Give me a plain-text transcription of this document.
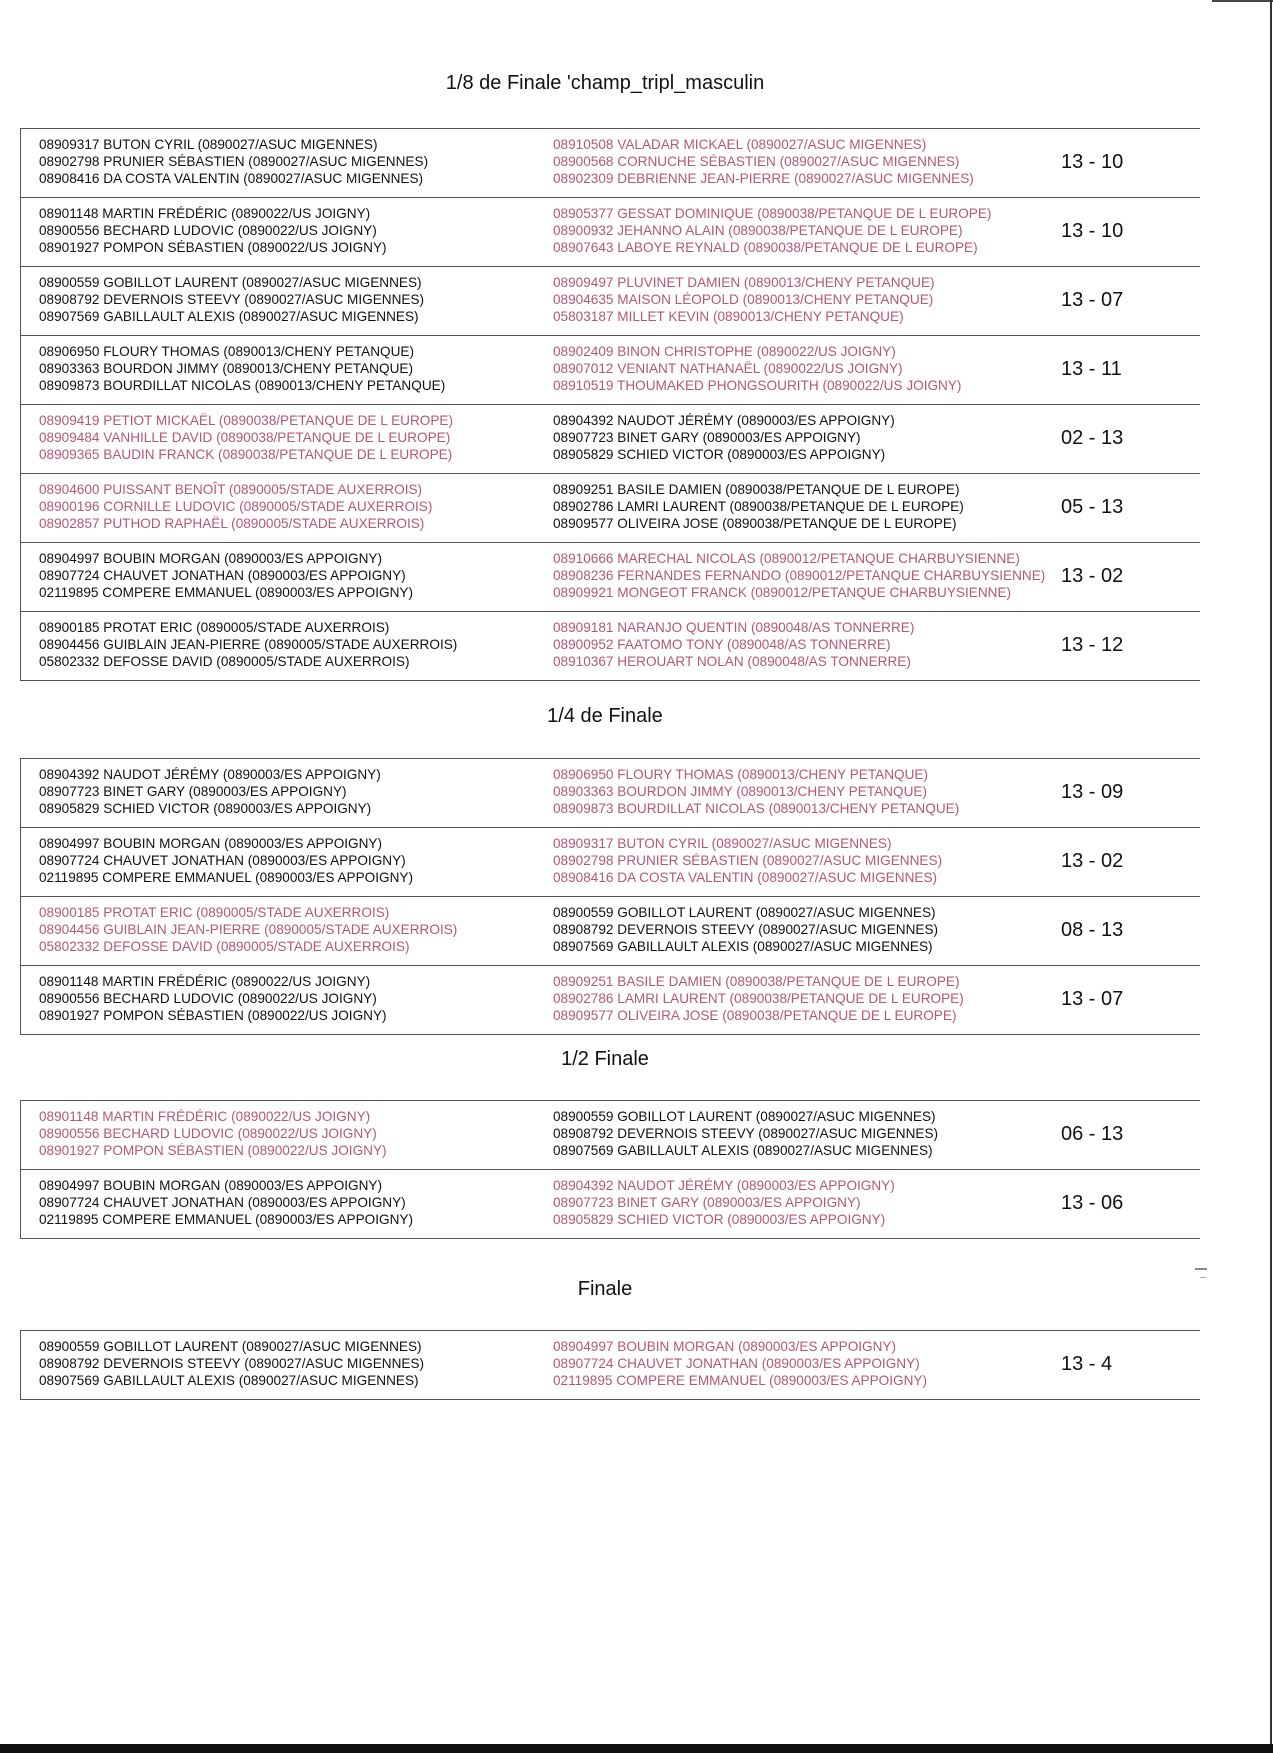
1/8 de Finale 'champ_tripl_masculin
08909317 BUTON CYRIL (0890027/ASUC MIGENNES)
08902798 PRUNIER SÉBASTIEN (0890027/ASUC MIGENNES)
08908416 DA COSTA VALENTIN (0890027/ASUC MIGENNES)
08910508 VALADAR MICKAEL (0890027/ASUC MIGENNES)
08900568 CORNUCHE SÉBASTIEN (0890027/ASUC MIGENNES)
08902309 DEBRIENNE JEAN-PIERRE (0890027/ASUC MIGENNES)
13 - 10
08901148 MARTIN FRÉDÉRIC (0890022/US JOIGNY)
08900556 BECHARD LUDOVIC (0890022/US JOIGNY)
08901927 POMPON SÉBASTIEN (0890022/US JOIGNY)
08905377 GESSAT DOMINIQUE (0890038/PETANQUE DE L EUROPE)
08900932 JEHANNO ALAIN (0890038/PETANQUE DE L EUROPE)
08907643 LABOYE REYNALD (0890038/PETANQUE DE L EUROPE)
13 - 10
08900559 GOBILLOT LAURENT (0890027/ASUC MIGENNES)
08908792 DEVERNOIS STEEVY (0890027/ASUC MIGENNES)
08907569 GABILLAULT ALEXIS (0890027/ASUC MIGENNES)
08909497 PLUVINET DAMIEN (0890013/CHENY PETANQUE)
08904635 MAISON LÉOPOLD (0890013/CHENY PETANQUE)
05803187 MILLET KEVIN (0890013/CHENY PETANQUE)
13 - 07
08906950 FLOURY THOMAS (0890013/CHENY PETANQUE)
08903363 BOURDON JIMMY (0890013/CHENY PETANQUE)
08909873 BOURDILLAT NICOLAS (0890013/CHENY PETANQUE)
08902409 BINON CHRISTOPHE (0890022/US JOIGNY)
08907012 VENIANT NATHANAËL (0890022/US JOIGNY)
08910519 THOUMAKED PHONGSOURITH (0890022/US JOIGNY)
13 - 11
08909419 PETIOT MICKAËL (0890038/PETANQUE DE L EUROPE)
08909484 VANHILLE DAVID (0890038/PETANQUE DE L EUROPE)
08909365 BAUDIN FRANCK (0890038/PETANQUE DE L EUROPE)
08904392 NAUDOT JÉRÉMY (0890003/ES APPOIGNY)
08907723 BINET GARY (0890003/ES APPOIGNY)
08905829 SCHIED VICTOR (0890003/ES APPOIGNY)
02 - 13
08904600 PUISSANT BENOÎT (0890005/STADE AUXERROIS)
08900196 CORNILLE LUDOVIC (0890005/STADE AUXERROIS)
08902857 PUTHOD RAPHAËL (0890005/STADE AUXERROIS)
08909251 BASILE DAMIEN (0890038/PETANQUE DE L EUROPE)
08902786 LAMRI LAURENT (0890038/PETANQUE DE L EUROPE)
08909577 OLIVEIRA JOSE (0890038/PETANQUE DE L EUROPE)
05 - 13
08904997 BOUBIN MORGAN (0890003/ES APPOIGNY)
08907724 CHAUVET JONATHAN (0890003/ES APPOIGNY)
02119895 COMPERE EMMANUEL (0890003/ES APPOIGNY)
08910666 MARECHAL NICOLAS (0890012/PETANQUE CHARBUYSIENNE)
08908236 FERNANDES FERNANDO (0890012/PETANQUE CHARBUYSIENNE)
08909921 MONGEOT FRANCK (0890012/PETANQUE CHARBUYSIENNE)
13 - 02
08900185 PROTAT ERIC (0890005/STADE AUXERROIS)
08904456 GUIBLAIN JEAN-PIERRE (0890005/STADE AUXERROIS)
05802332 DEFOSSE DAVID (0890005/STADE AUXERROIS)
08909181 NARANJO QUENTIN (0890048/AS TONNERRE)
08900952 FAATOMO TONY (0890048/AS TONNERRE)
08910367 HEROUART NOLAN (0890048/AS TONNERRE)
13 - 12
1/4 de Finale
08904392 NAUDOT JÉRÉMY (0890003/ES APPOIGNY)
08907723 BINET GARY (0890003/ES APPOIGNY)
08905829 SCHIED VICTOR (0890003/ES APPOIGNY)
08906950 FLOURY THOMAS (0890013/CHENY PETANQUE)
08903363 BOURDON JIMMY (0890013/CHENY PETANQUE)
08909873 BOURDILLAT NICOLAS (0890013/CHENY PETANQUE)
13 - 09
08904997 BOUBIN MORGAN (0890003/ES APPOIGNY)
08907724 CHAUVET JONATHAN (0890003/ES APPOIGNY)
02119895 COMPERE EMMANUEL (0890003/ES APPOIGNY)
08909317 BUTON CYRIL (0890027/ASUC MIGENNES)
08902798 PRUNIER SÉBASTIEN (0890027/ASUC MIGENNES)
08908416 DA COSTA VALENTIN (0890027/ASUC MIGENNES)
13 - 02
08900185 PROTAT ERIC (0890005/STADE AUXERROIS)
08904456 GUIBLAIN JEAN-PIERRE (0890005/STADE AUXERROIS)
05802332 DEFOSSE DAVID (0890005/STADE AUXERROIS)
08900559 GOBILLOT LAURENT (0890027/ASUC MIGENNES)
08908792 DEVERNOIS STEEVY (0890027/ASUC MIGENNES)
08907569 GABILLAULT ALEXIS (0890027/ASUC MIGENNES)
08 - 13
08901148 MARTIN FRÉDÉRIC (0890022/US JOIGNY)
08900556 BECHARD LUDOVIC (0890022/US JOIGNY)
08901927 POMPON SÉBASTIEN (0890022/US JOIGNY)
08909251 BASILE DAMIEN (0890038/PETANQUE DE L EUROPE)
08902786 LAMRI LAURENT (0890038/PETANQUE DE L EUROPE)
08909577 OLIVEIRA JOSE (0890038/PETANQUE DE L EUROPE)
13 - 07
1/2 Finale
08901148 MARTIN FRÉDÉRIC (0890022/US JOIGNY)
08900556 BECHARD LUDOVIC (0890022/US JOIGNY)
08901927 POMPON SÉBASTIEN (0890022/US JOIGNY)
08900559 GOBILLOT LAURENT (0890027/ASUC MIGENNES)
08908792 DEVERNOIS STEEVY (0890027/ASUC MIGENNES)
08907569 GABILLAULT ALEXIS (0890027/ASUC MIGENNES)
06 - 13
08904997 BOUBIN MORGAN (0890003/ES APPOIGNY)
08907724 CHAUVET JONATHAN (0890003/ES APPOIGNY)
02119895 COMPERE EMMANUEL (0890003/ES APPOIGNY)
08904392 NAUDOT JÉRÉMY (0890003/ES APPOIGNY)
08907723 BINET GARY (0890003/ES APPOIGNY)
08905829 SCHIED VICTOR (0890003/ES APPOIGNY)
13 - 06
Finale
08900559 GOBILLOT LAURENT (0890027/ASUC MIGENNES)
08908792 DEVERNOIS STEEVY (0890027/ASUC MIGENNES)
08907569 GABILLAULT ALEXIS (0890027/ASUC MIGENNES)
08904997 BOUBIN MORGAN (0890003/ES APPOIGNY)
08907724 CHAUVET JONATHAN (0890003/ES APPOIGNY)
02119895 COMPERE EMMANUEL (0890003/ES APPOIGNY)
13 - 4
